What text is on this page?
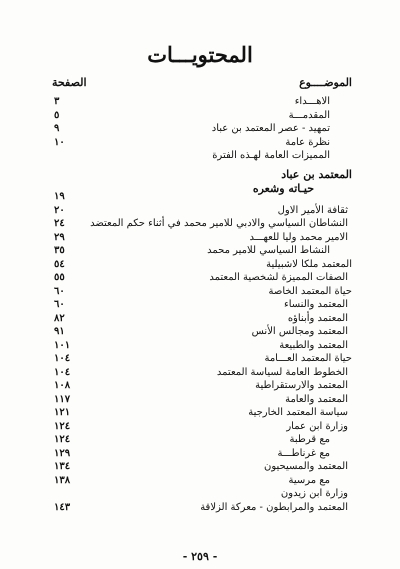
المحتويـــات
الموضــــوع
الصفحة
الاهـــداء
٣
المقدمـــة
٥
تمهيد - عصر المعتمد بن عباد
٩
نظرة عامة
١٠
المميزات العامة لهـذه الفترة
المعتمد بن عباد
حيـاته وشعره
١٩
ثقافة الأمير الاول
٢٠
النشاطان السياسي والادبي للامير محمد في أثناء حكم المعتضد
٢٤
الامير محمد وليا للعهـــد
٢٩
النشاط السياسي للامير محمد
٣٥
المعتمد ملكا لاشبيلية
٥٤
الصفات المميزة لشخصية المعتمد
٥٥
حياة المعتمد الخاصة
٦٠
المعتمد والنساء
٦٠
المعتمد وأبناؤه
٨٢
المعتمد ومجالس الأنس
٩١
المعتمد والطبيعة
١٠١
حياة المعتمد العـــامة
١٠٤
الخطوط العامة لسياسة المعتمد
١٠٤
المعتمد والارستقراطية
١٠٨
المعتمد والعامة
١١٧
سياسة المعتمد الخارجية
١٢١
وزارة ابن عمار
١٢٤
مع قرطبة
١٢٤
مع غرناطـــة
١٢٩
المعتمد والمسيحيون
١٣٤
مع مرسية
١٣٨
وزارة ابن زيدون
المعتمد والمرابطون - معركة الزلاقة
١٤٣
- ٢٥٩ -
